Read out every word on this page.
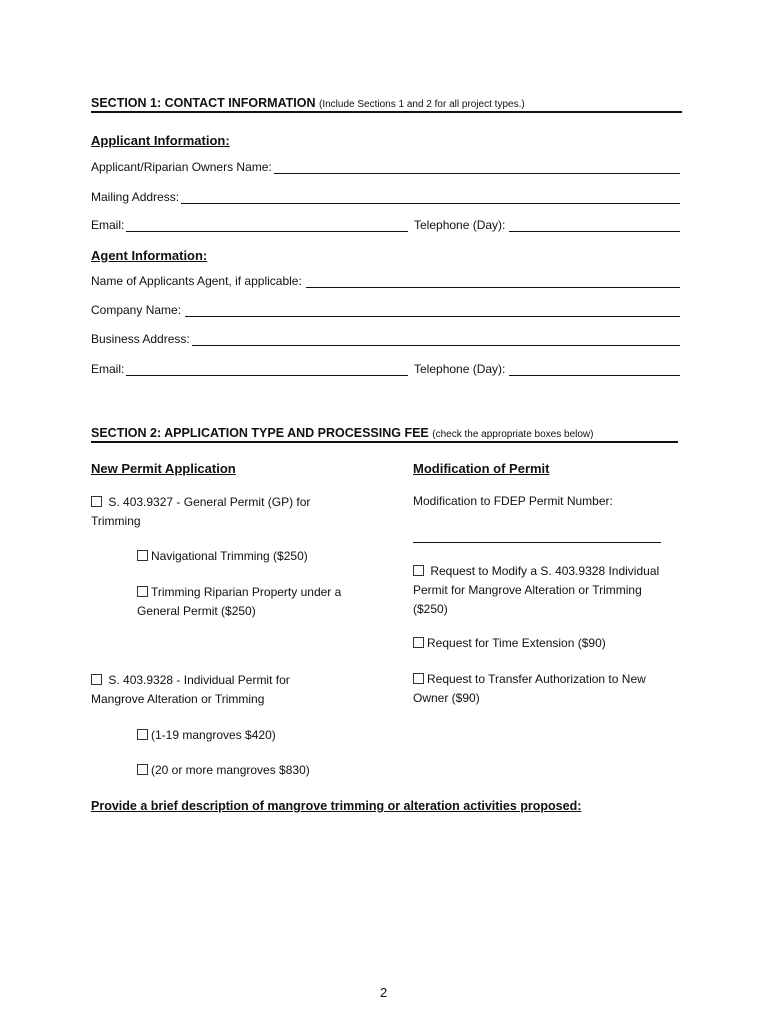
SECTION 1: CONTACT INFORMATION (Include Sections 1 and 2 for all project types.)
Applicant Information:
Applicant/Riparian Owners Name:
Mailing Address:
Email:	Telephone (Day):
Agent Information:
Name of Applicants Agent, if applicable:
Company Name:
Business Address:
Email:	Telephone (Day):
SECTION 2: APPLICATION TYPE AND PROCESSING FEE (check the appropriate boxes below)
New Permit Application
S. 403.9327 - General Permit (GP) for
Trimming
Navigational Trimming ($250)
Trimming Riparian Property under a
General Permit ($250)
S. 403.9328 - Individual Permit for
Mangrove Alteration or Trimming
(1-19 mangroves $420)
(20 or more mangroves $830)
Modification of Permit
Modification to FDEP Permit Number:
Request to Modify a S. 403.9328 Individual
Permit for Mangrove Alteration or Trimming
($250)
Request for Time Extension ($90)
Request to Transfer Authorization to New
Owner ($90)
Provide a brief description of mangrove trimming or alteration activities proposed:
2
